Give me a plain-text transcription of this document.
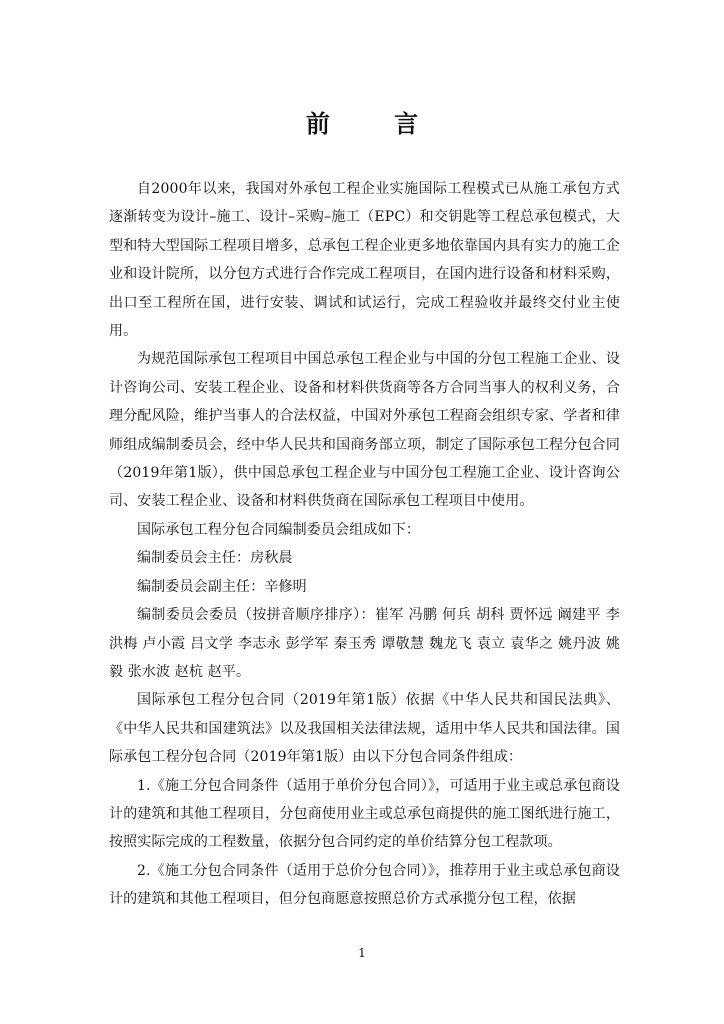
前 言

自2000年以来，我国对外承包工程企业实施国际工程模式已从施工承包方式逐渐转变为设计–施工、设计–采购–施工（EPC）和交钥匙等工程总承包模式，大型和特大型国际工程项目增多，总承包工程企业更多地依靠国内具有实力的施工企业和设计院所，以分包方式进行合作完成工程项目，在国内进行设备和材料采购，出口至工程所在国，进行安装、调试和试运行，完成工程验收并最终交付业主使用。

为规范国际承包工程项目中国总承包工程企业与中国的分包工程施工企业、设计咨询公司、安装工程企业、设备和材料供货商等各方合同当事人的权利义务，合理分配风险，维护当事人的合法权益，中国对外承包工程商会组织专家、学者和律师组成编制委员会，经中华人民共和国商务部立项，制定了国际承包工程分包合同（2019年第1版），供中国总承包工程企业与中国分包工程施工企业、设计咨询公司、安装工程企业、设备和材料供货商在国际承包工程项目中使用。

国际承包工程分包合同编制委员会组成如下：

编制委员会主任：房秋晨

编制委员会副主任：辛修明

编制委员会委员（按拼音顺序排序）：崔军 冯鹏 何兵 胡科 贾怀远 阚建平 李洪梅 卢小霞 吕文学 李志永 彭学军 秦玉秀 谭敬慧 魏龙飞 袁立 袁华之 姚丹波 姚毅 张水波 赵杭 赵平。

国际承包工程分包合同（2019年第1版）依据《中华人民共和国民法典》、《中华人民共和国建筑法》以及我国相关法律法规，适用中华人民共和国法律。国际承包工程分包合同（2019年第1版）由以下分包合同条件组成：

1.《施工分包合同条件（适用于单价分包合同）》，可适用于业主或总承包商设计的建筑和其他工程项目，分包商使用业主或总承包商提供的施工图纸进行施工，按照实际完成的工程数量，依据分包合同约定的单价结算分包工程款项。

2.《施工分包合同条件（适用于总价分包合同）》，推荐用于业主或总承包商设计的建筑和其他工程项目，但分包商愿意按照总价方式承揽分包工程，依据

1
